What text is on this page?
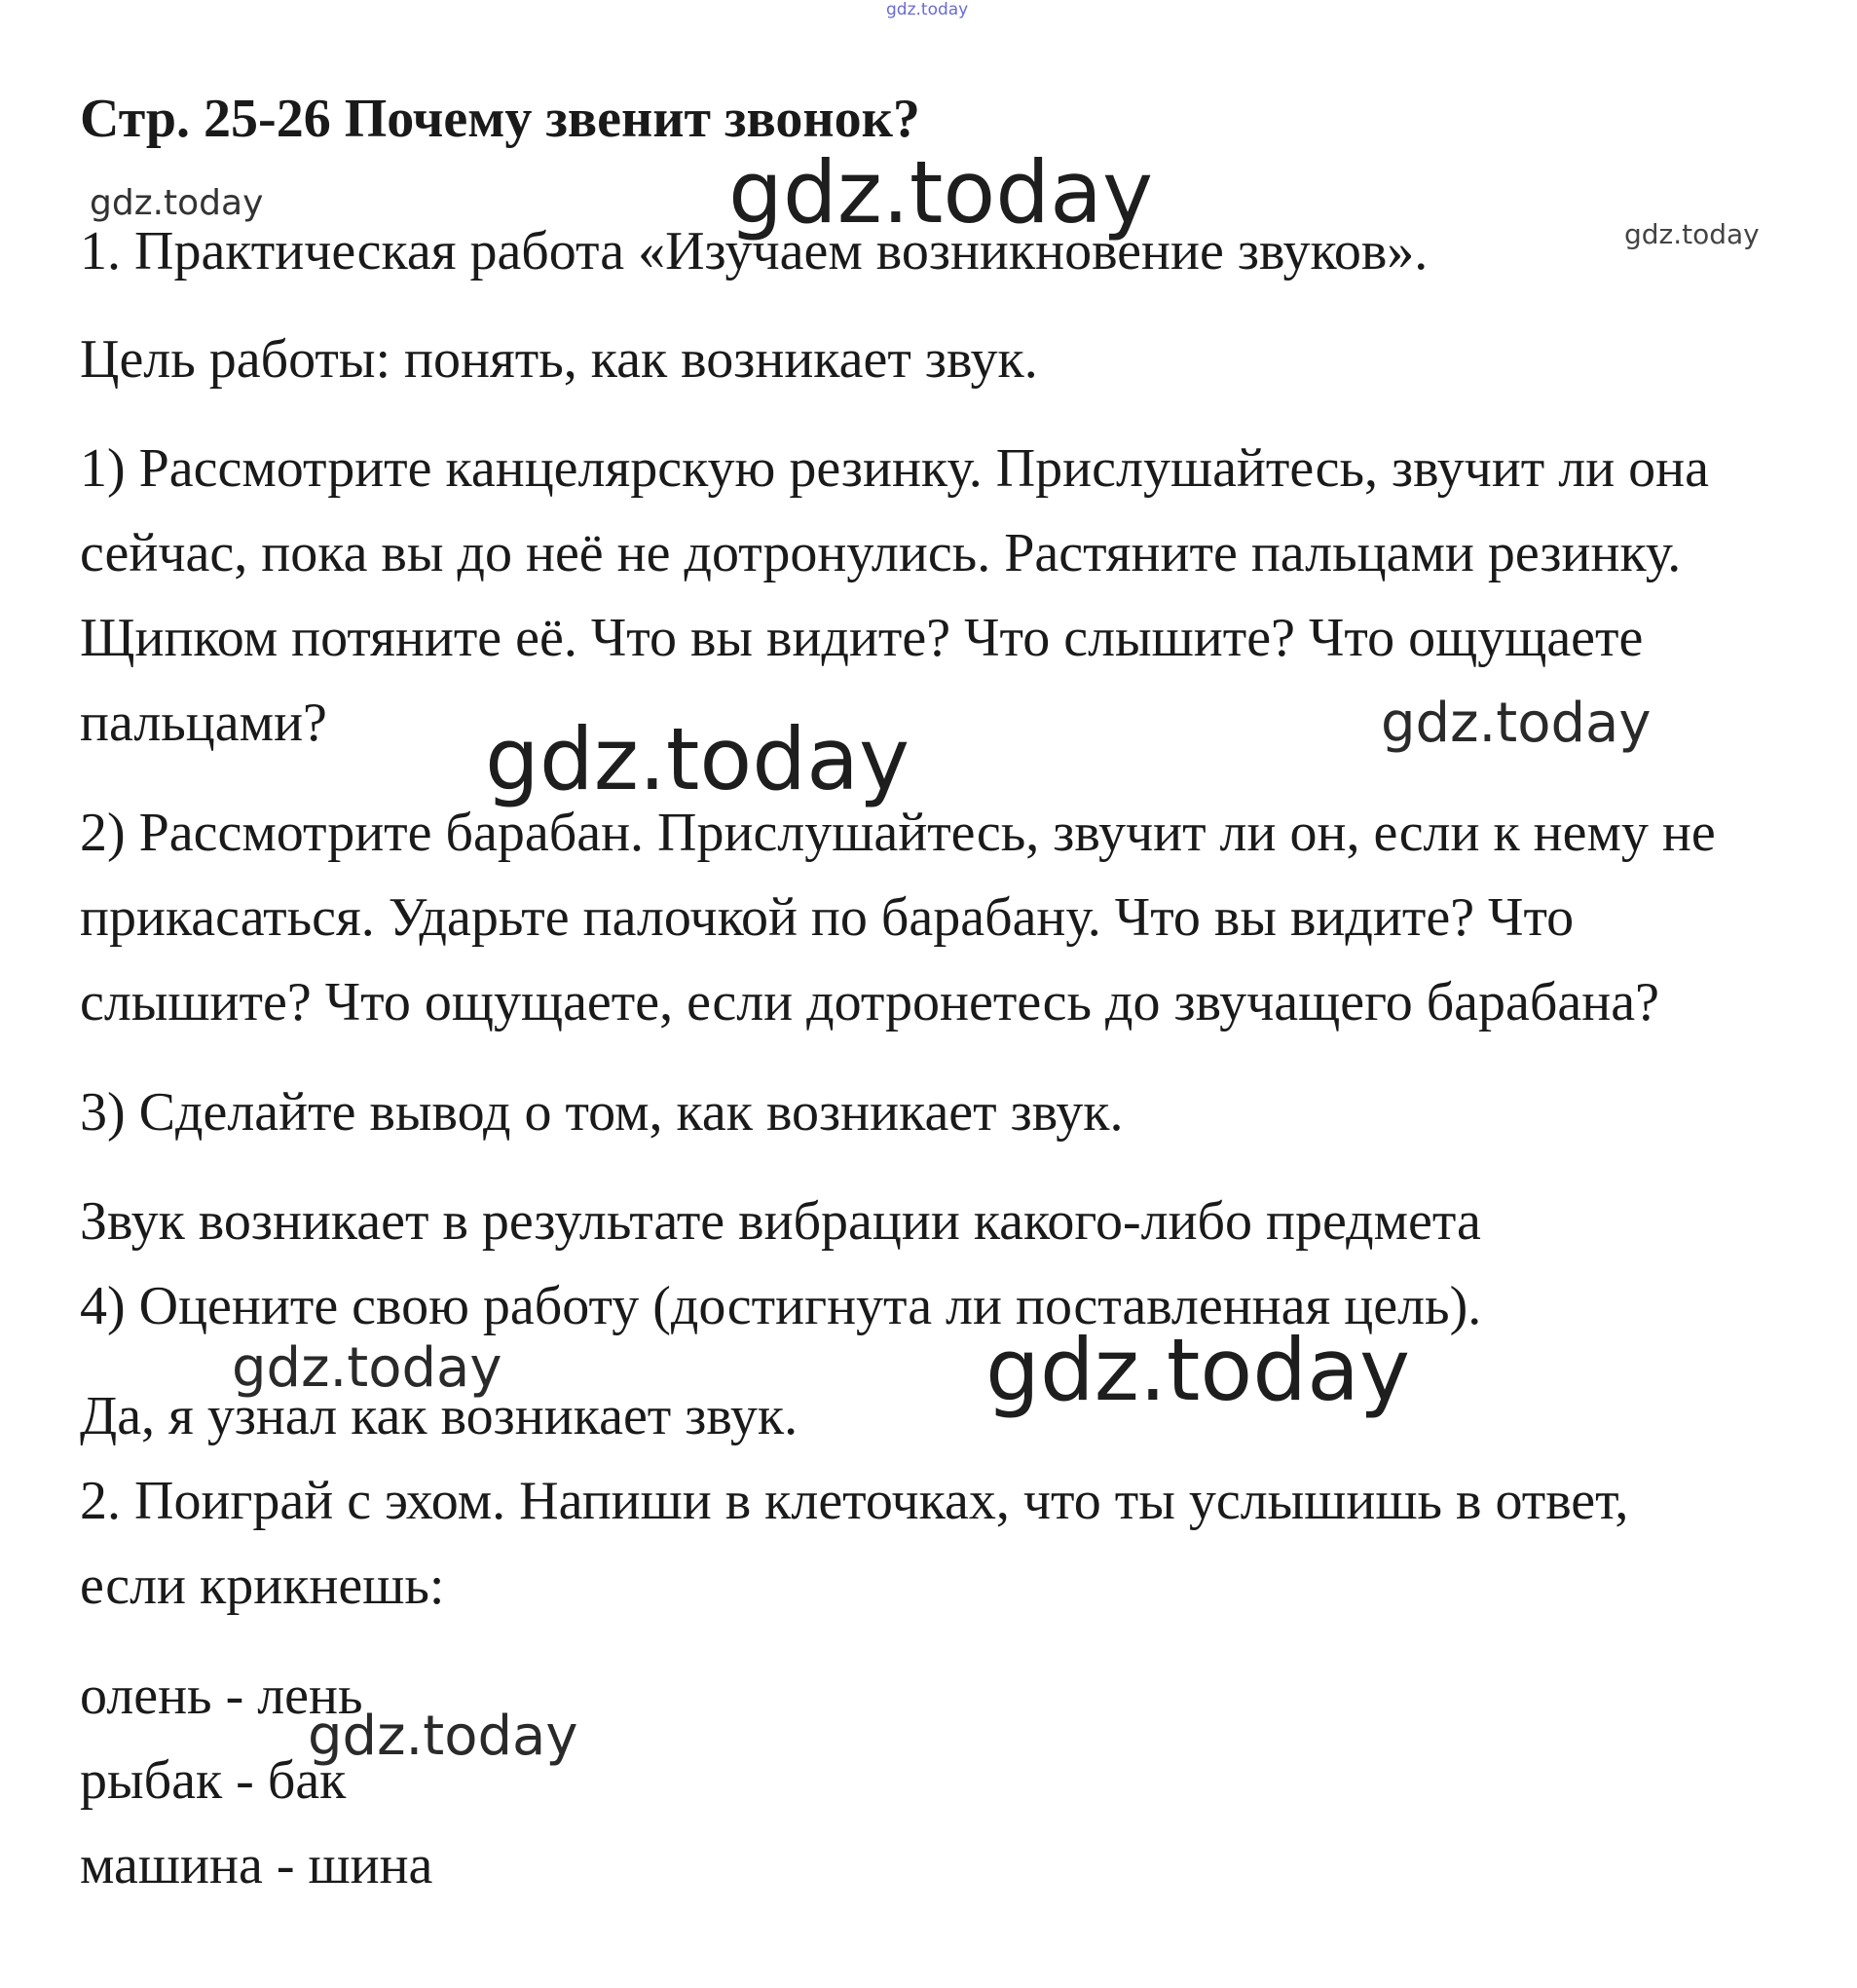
gdz.today
Стр. 25-26 Почему звенит звонок?
gdz.today	gdz.today	gdz.today
1. Практическая работа «Изучаем возникновение звуков».
Цель работы: понять, как возникает звук.
1) Рассмотрите канцелярскую резинку. Прислушайтесь, звучит ли она
сейчас, пока вы до неё не дотронулись. Растяните пальцами резинку.
Щипком потяните её. Что вы видите? Что слышите? Что ощущаете
пальцами?	gdz.today
gdz.today
2) Рассмотрите барабан. Прислушайтесь, звучит ли он, если к нему не
прикасаться. Ударьте палочкой по барабану. Что вы видите? Что
слышите? Что ощущаете, если дотронетесь до звучащего барабана?
3) Сделайте вывод о том, как возникает звук.
Звук возникает в результате вибрации какого-либо предмета
4) Оцените свою работу (достигнута ли поставленная цель).
gdz.today	gdz.today
Да, я узнал как возникает звук.
2. Поиграй с эхом. Напиши в клеточках, что ты услышишь в ответ,
если крикнешь:
олень - лень
gdz.today
рыбак - бак
машина - шина
